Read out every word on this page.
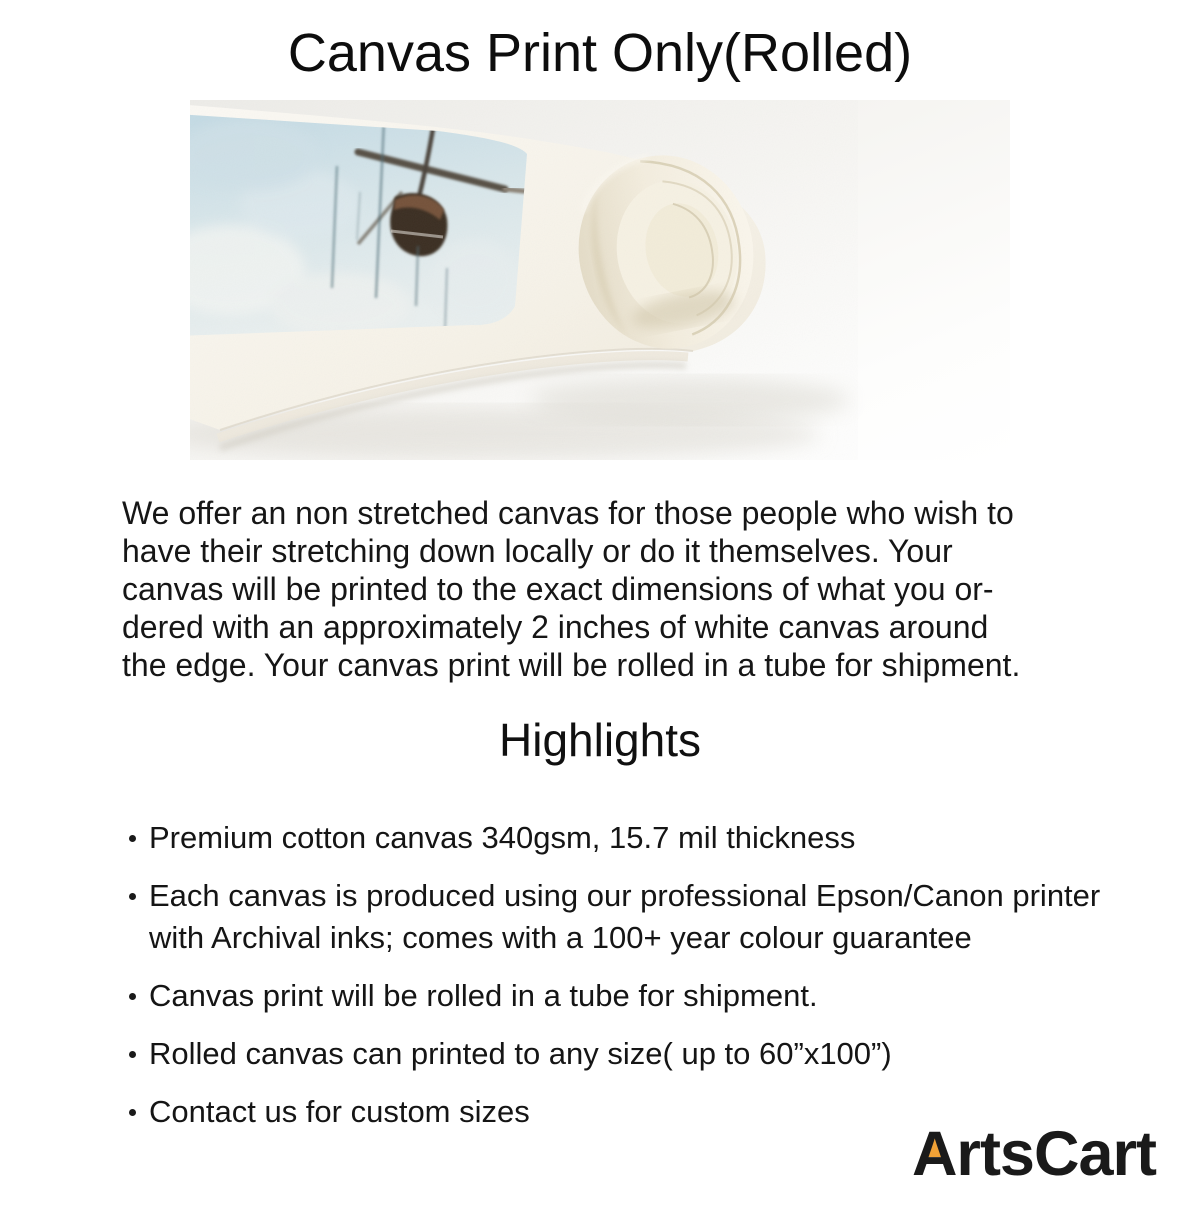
Canvas Print Only(Rolled)
We offer an non stretched canvas for those people who wish to
have their stretching down locally or do it themselves. Your
canvas will be printed to the exact dimensions of what you or-
dered with an approximately 2 inches of white canvas around
the edge. Your canvas print will be rolled in a tube for shipment.
Highlights
Premium cotton canvas 340gsm, 15.7 mil thickness
Each canvas is produced using our professional Epson/Canon printer
with Archival inks; comes with a 100+ year colour guarantee
Canvas print will be rolled in a tube for shipment.
Rolled canvas can printed to any size( up to 60”x100”)
Contact us for custom sizes
ArtsCart
